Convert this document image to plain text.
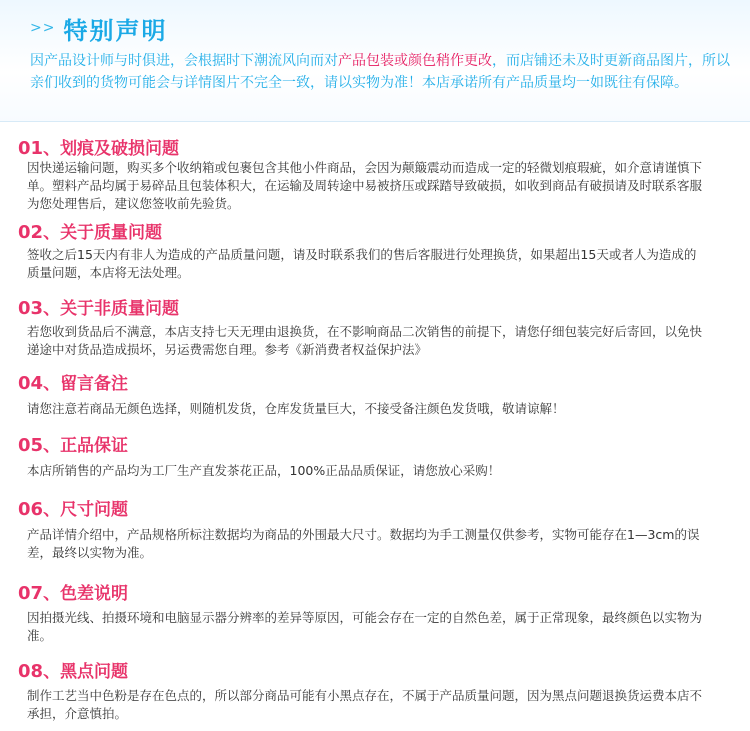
>> 特别声明
因产品设计师与时俱进，会根据时下潮流风向而对产品包装或颜色稍作更改，而店铺还未及时更新商品图片，所以亲们收到的货物可能会与详情图片不完全一致，请以实物为准！本店承诺所有产品质量均一如既往有保障。
01、划痕及破损问题
因快递运输问题，购买多个收纳箱或包裹包含其他小件商品，会因为颠簸震动而造成一定的轻微划痕瑕疵，如介意请谨慎下单。塑料产品均属于易碎品且包装体积大，在运输及周转途中易被挤压或踩踏导致破损，如收到商品有破损请及时联系客服为您处理售后，建议您签收前先验货。
02、关于质量问题
签收之后15天内有非人为造成的产品质量问题，请及时联系我们的售后客服进行处理换货，如果超出15天或者人为造成的质量问题，本店将无法处理。
03、关于非质量问题
若您收到货品后不满意，本店支持七天无理由退换货，在不影响商品二次销售的前提下，请您仔细包装完好后寄回，以免快递途中对货品造成损坏，另运费需您自理。参考《新消费者权益保护法》
04、留言备注
请您注意若商品无颜色选择，则随机发货，仓库发货量巨大，不接受备注颜色发货哦，敬请谅解！
05、正品保证
本店所销售的产品均为工厂生产直发茶花正品，100%正品品质保证，请您放心采购！
06、尺寸问题
产品详情介绍中，产品规格所标注数据均为商品的外围最大尺寸。数据均为手工测量仅供参考，实物可能存在1—3cm的误差，最终以实物为准。
07、色差说明
因拍摄光线、拍摄环境和电脑显示器分辨率的差异等原因，可能会存在一定的自然色差，属于正常现象，最终颜色以实物为准。
08、黑点问题
制作工艺当中色粉是存在色点的，所以部分商品可能有小黑点存在，不属于产品质量问题，因为黑点问题退换货运费本店不承担，介意慎拍。
